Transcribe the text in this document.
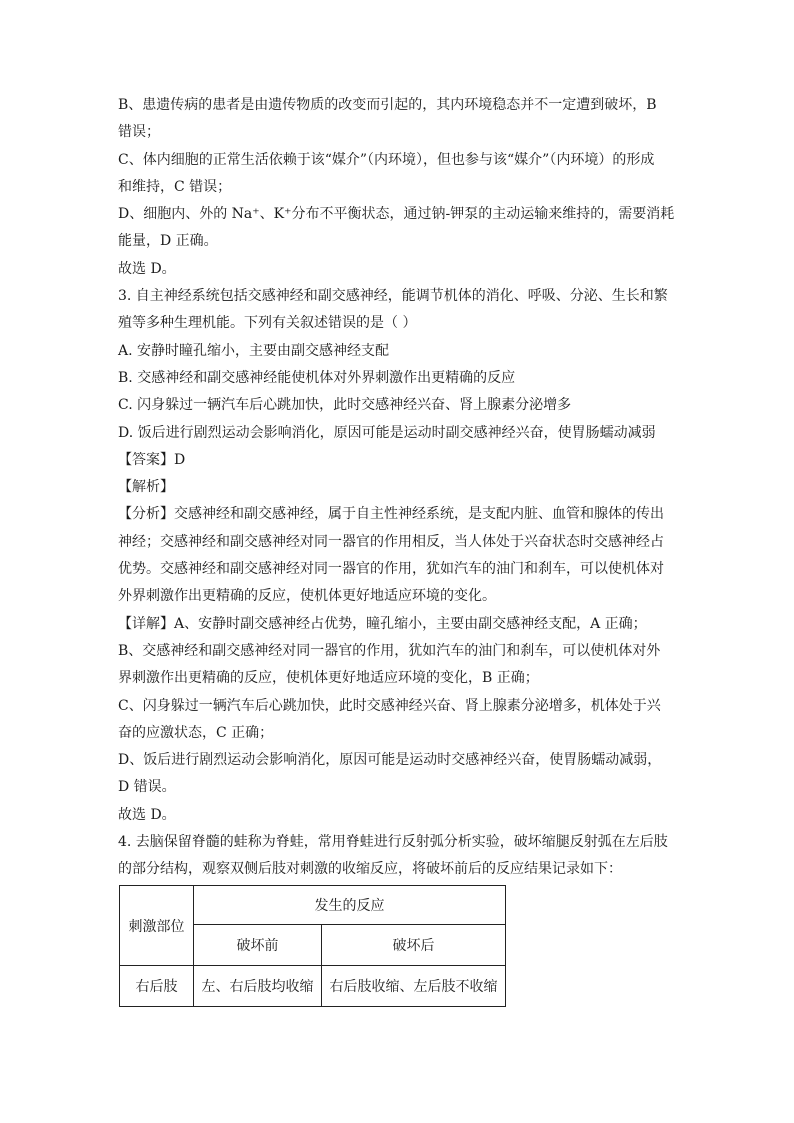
B、患遗传病的患者是由遗传物质的改变而引起的，其内环境稳态并不一定遭到破坏，B
错误；
C、体内细胞的正常生活依赖于该“媒介”（内环境），但也参与该“媒介”（内环境）的形成
和维持，C 错误；
D、细胞内、外的 Na⁺、K⁺分布不平衡状态，通过钠-钾泵的主动运输来维持的，需要消耗
能量，D 正确。
故选 D。
3. 自主神经系统包括交感神经和副交感神经，能调节机体的消化、呼吸、分泌、生长和繁
殖等多种生理机能。下列有关叙述错误的是（ ）
A. 安静时瞳孔缩小，主要由副交感神经支配
B. 交感神经和副交感神经能使机体对外界刺激作出更精确的反应
C. 闪身躲过一辆汽车后心跳加快，此时交感神经兴奋、肾上腺素分泌增多
D. 饭后进行剧烈运动会影响消化，原因可能是运动时副交感神经兴奋，使胃肠蠕动减弱
【答案】D
【解析】
【分析】交感神经和副交感神经，属于自主性神经系统，是支配内脏、血管和腺体的传出
神经；交感神经和副交感神经对同一器官的作用相反，当人体处于兴奋状态时交感神经占
优势。交感神经和副交感神经对同一器官的作用，犹如汽车的油门和刹车，可以使机体对
外界刺激作出更精确的反应，使机体更好地适应环境的变化。
【详解】A、安静时副交感神经占优势，瞳孔缩小，主要由副交感神经支配，A 正确；
B、交感神经和副交感神经对同一器官的作用，犹如汽车的油门和刹车，可以使机体对外
界刺激作出更精确的反应，使机体更好地适应环境的变化，B 正确；
C、闪身躲过一辆汽车后心跳加快，此时交感神经兴奋、肾上腺素分泌增多，机体处于兴
奋的应激状态，C 正确；
D、饭后进行剧烈运动会影响消化，原因可能是运动时交感神经兴奋，使胃肠蠕动减弱，
D 错误。
故选 D。
4. 去脑保留脊髓的蛙称为脊蛙，常用脊蛙进行反射弧分析实验，破坏缩腿反射弧在左后肢
的部分结构，观察双侧后肢对刺激的收缩反应，将破坏前后的反应结果记录如下：
刺激部位	发生的反应	
	破坏前	破坏后
右后肢	左、右后肢均收缩	右后肢收缩、左后肢不收缩
